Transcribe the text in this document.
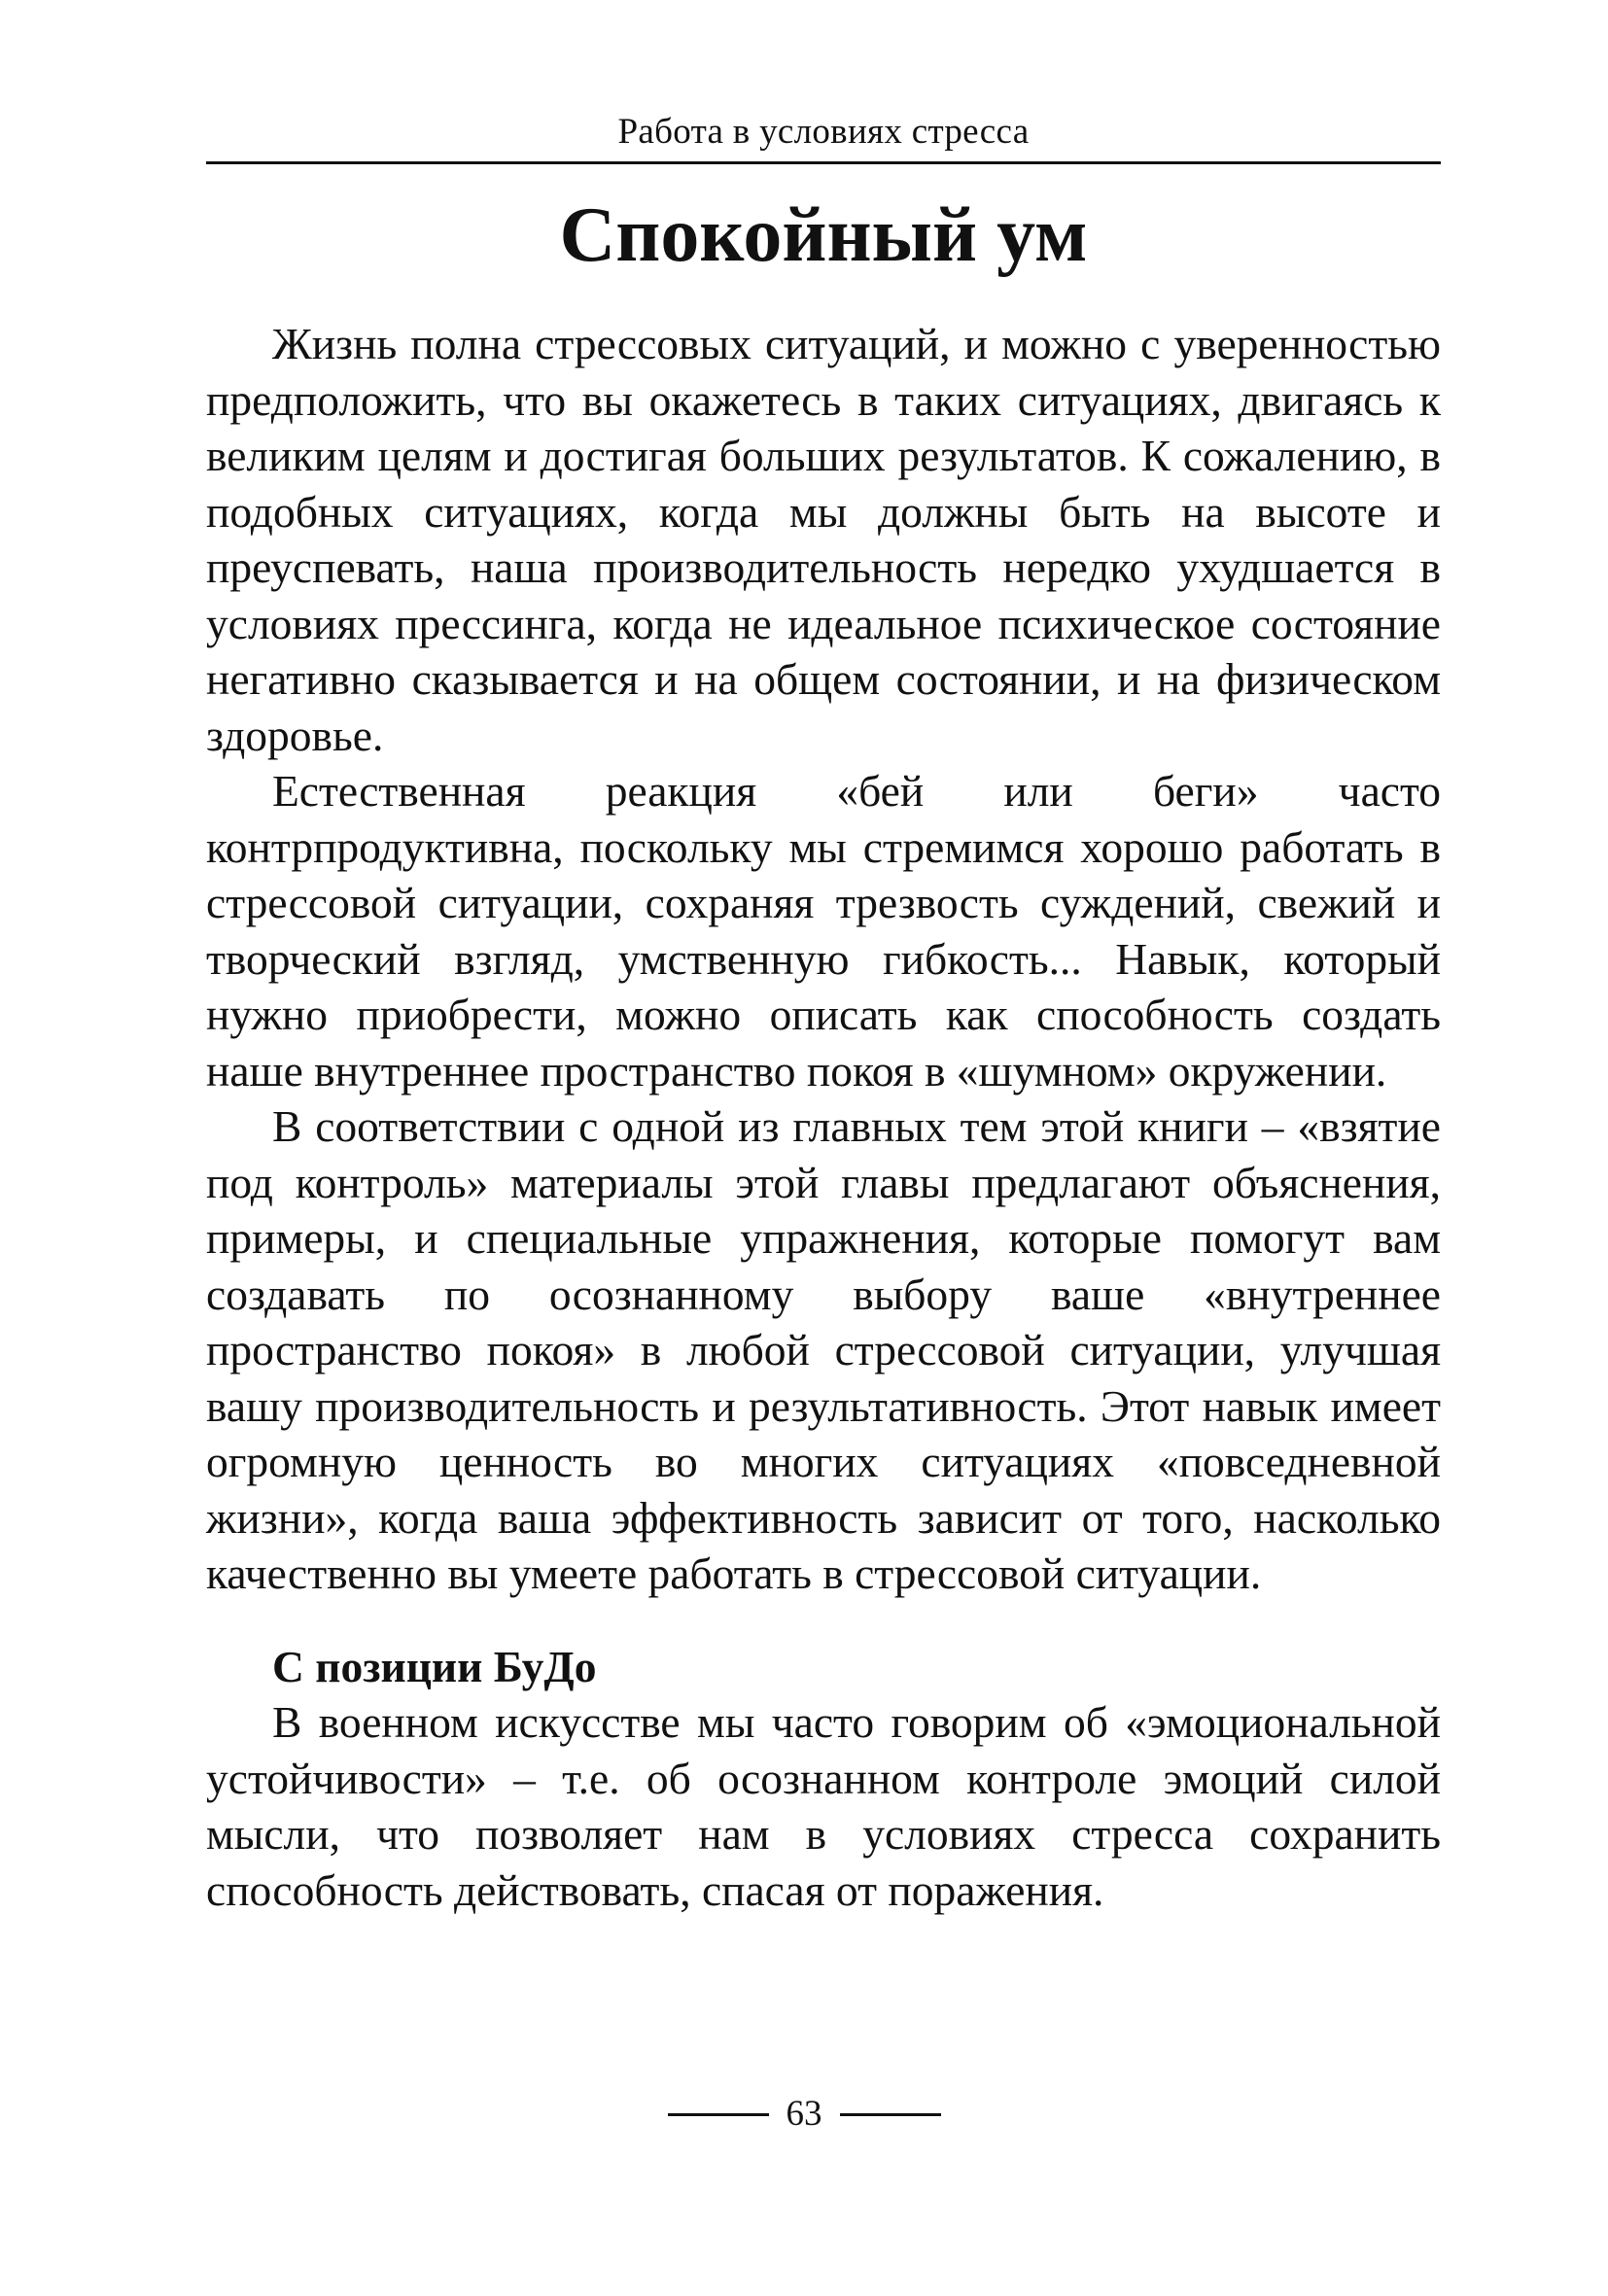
Работа в условиях стресса
Спокойный ум

Жизнь полна стрессовых ситуаций, и можно с уверенностью предположить, что вы окажетесь в таких ситуациях, двигаясь к великим целям и достигая больших результатов. К сожалению, в подобных ситуациях, когда мы должны быть на высоте и преуспевать, наша производительность нередко ухудшается в условиях прессинга, когда не идеальное психическое состояние негативно сказывается и на общем состоянии, и на физическом здоровье.

Естественная реакция «бей или беги» часто контрпродуктивна, поскольку мы стремимся хорошо работать в стрессовой ситуации, сохраняя трезвость суждений, свежий и творческий взгляд, умственную гибкость... Навык, который нужно приобрести, можно описать как способность создать наше внутреннее пространство покоя в «шумном» окружении.

В соответствии с одной из главных тем этой книги – «взятие под контроль» материалы этой главы предлагают объяснения, примеры, и специальные упражнения, которые помогут вам создавать по осознанному выбору ваше «внутреннее пространство покоя» в любой стрессовой ситуации, улучшая вашу производительность и результативность. Этот навык имеет огромную ценность во многих ситуациях «повседневной жизни», когда ваша эффективность зависит от того, насколько качественно вы умеете работать в стрессовой ситуации.

С позиции БуДо

В военном искусстве мы часто говорим об «эмоциональной устойчивости» – т.е. об осознанном контроле эмоций силой мысли, что позволяет нам в условиях стресса сохранить способность действовать, спасая от поражения.

63
